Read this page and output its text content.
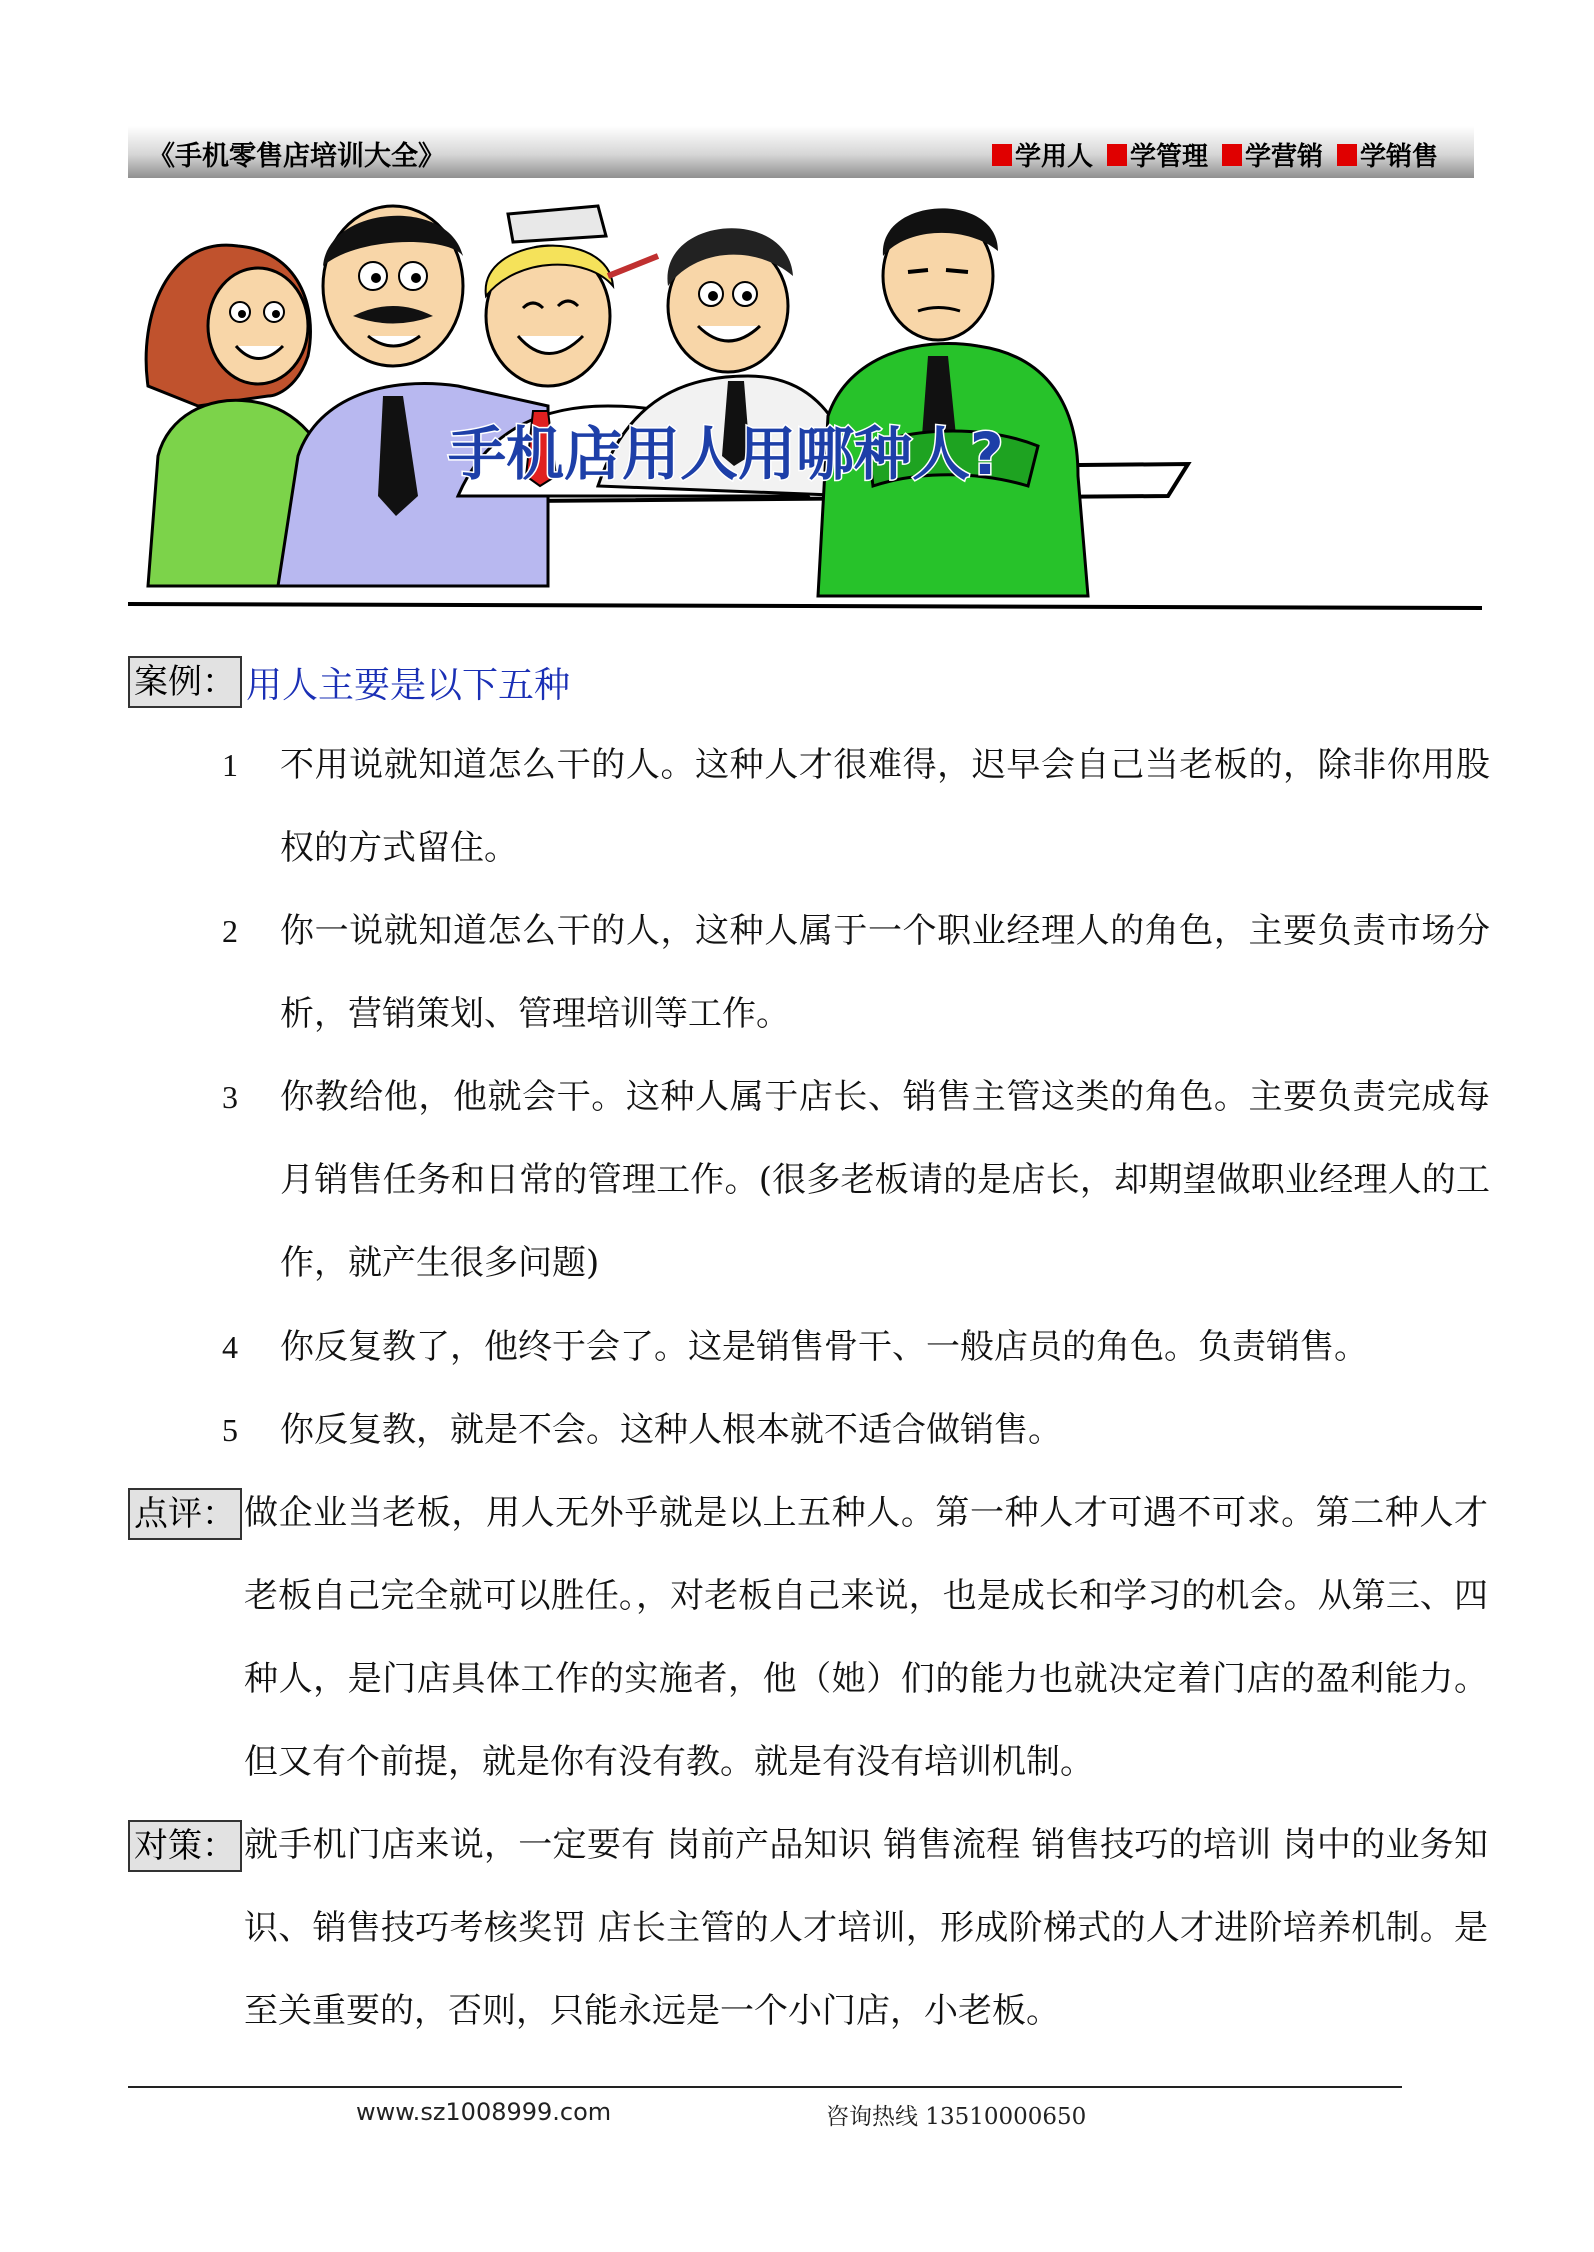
《手机零售店培训大全》	学用人 学管理 学营销 学销售
手机店用人用哪种人?
案例： 用人主要是以下五种
1 不用说就知道怎么干的人。这种人才很难得，迟早会自己当老板的，除非你用股权的方式留住。
2 你一说就知道怎么干的人，这种人属于一个职业经理人的角色，主要负责市场分析，营销策划、管理培训等工作。
3 你教给他，他就会干。这种人属于店长、销售主管这类的角色。主要负责完成每月销售任务和日常的管理工作。(很多老板请的是店长，却期望做职业经理人的工作，就产生很多问题)
4 你反复教了，他终于会了。这是销售骨干、一般店员的角色。负责销售。
5 你反复教，就是不会。这种人根本就不适合做销售。
点评： 做企业当老板，用人无外乎就是以上五种人。第一种人才可遇不可求。第二种人才老板自己完全就可以胜任。，对老板自己来说，也是成长和学习的机会。从第三、四种人，是门店具体工作的实施者，他（她）们的能力也就决定着门店的盈利能力。但又有个前提，就是你有没有教。就是有没有培训机制。
对策： 就手机门店来说，一定要有 岗前产品知识 销售流程 销售技巧的培训 岗中的业务知识、销售技巧考核奖罚 店长主管的人才培训，形成阶梯式的人才进阶培养机制。是至关重要的，否则，只能永远是一个小门店，小老板。
www.sz1008999.com	咨询热线 13510000650
